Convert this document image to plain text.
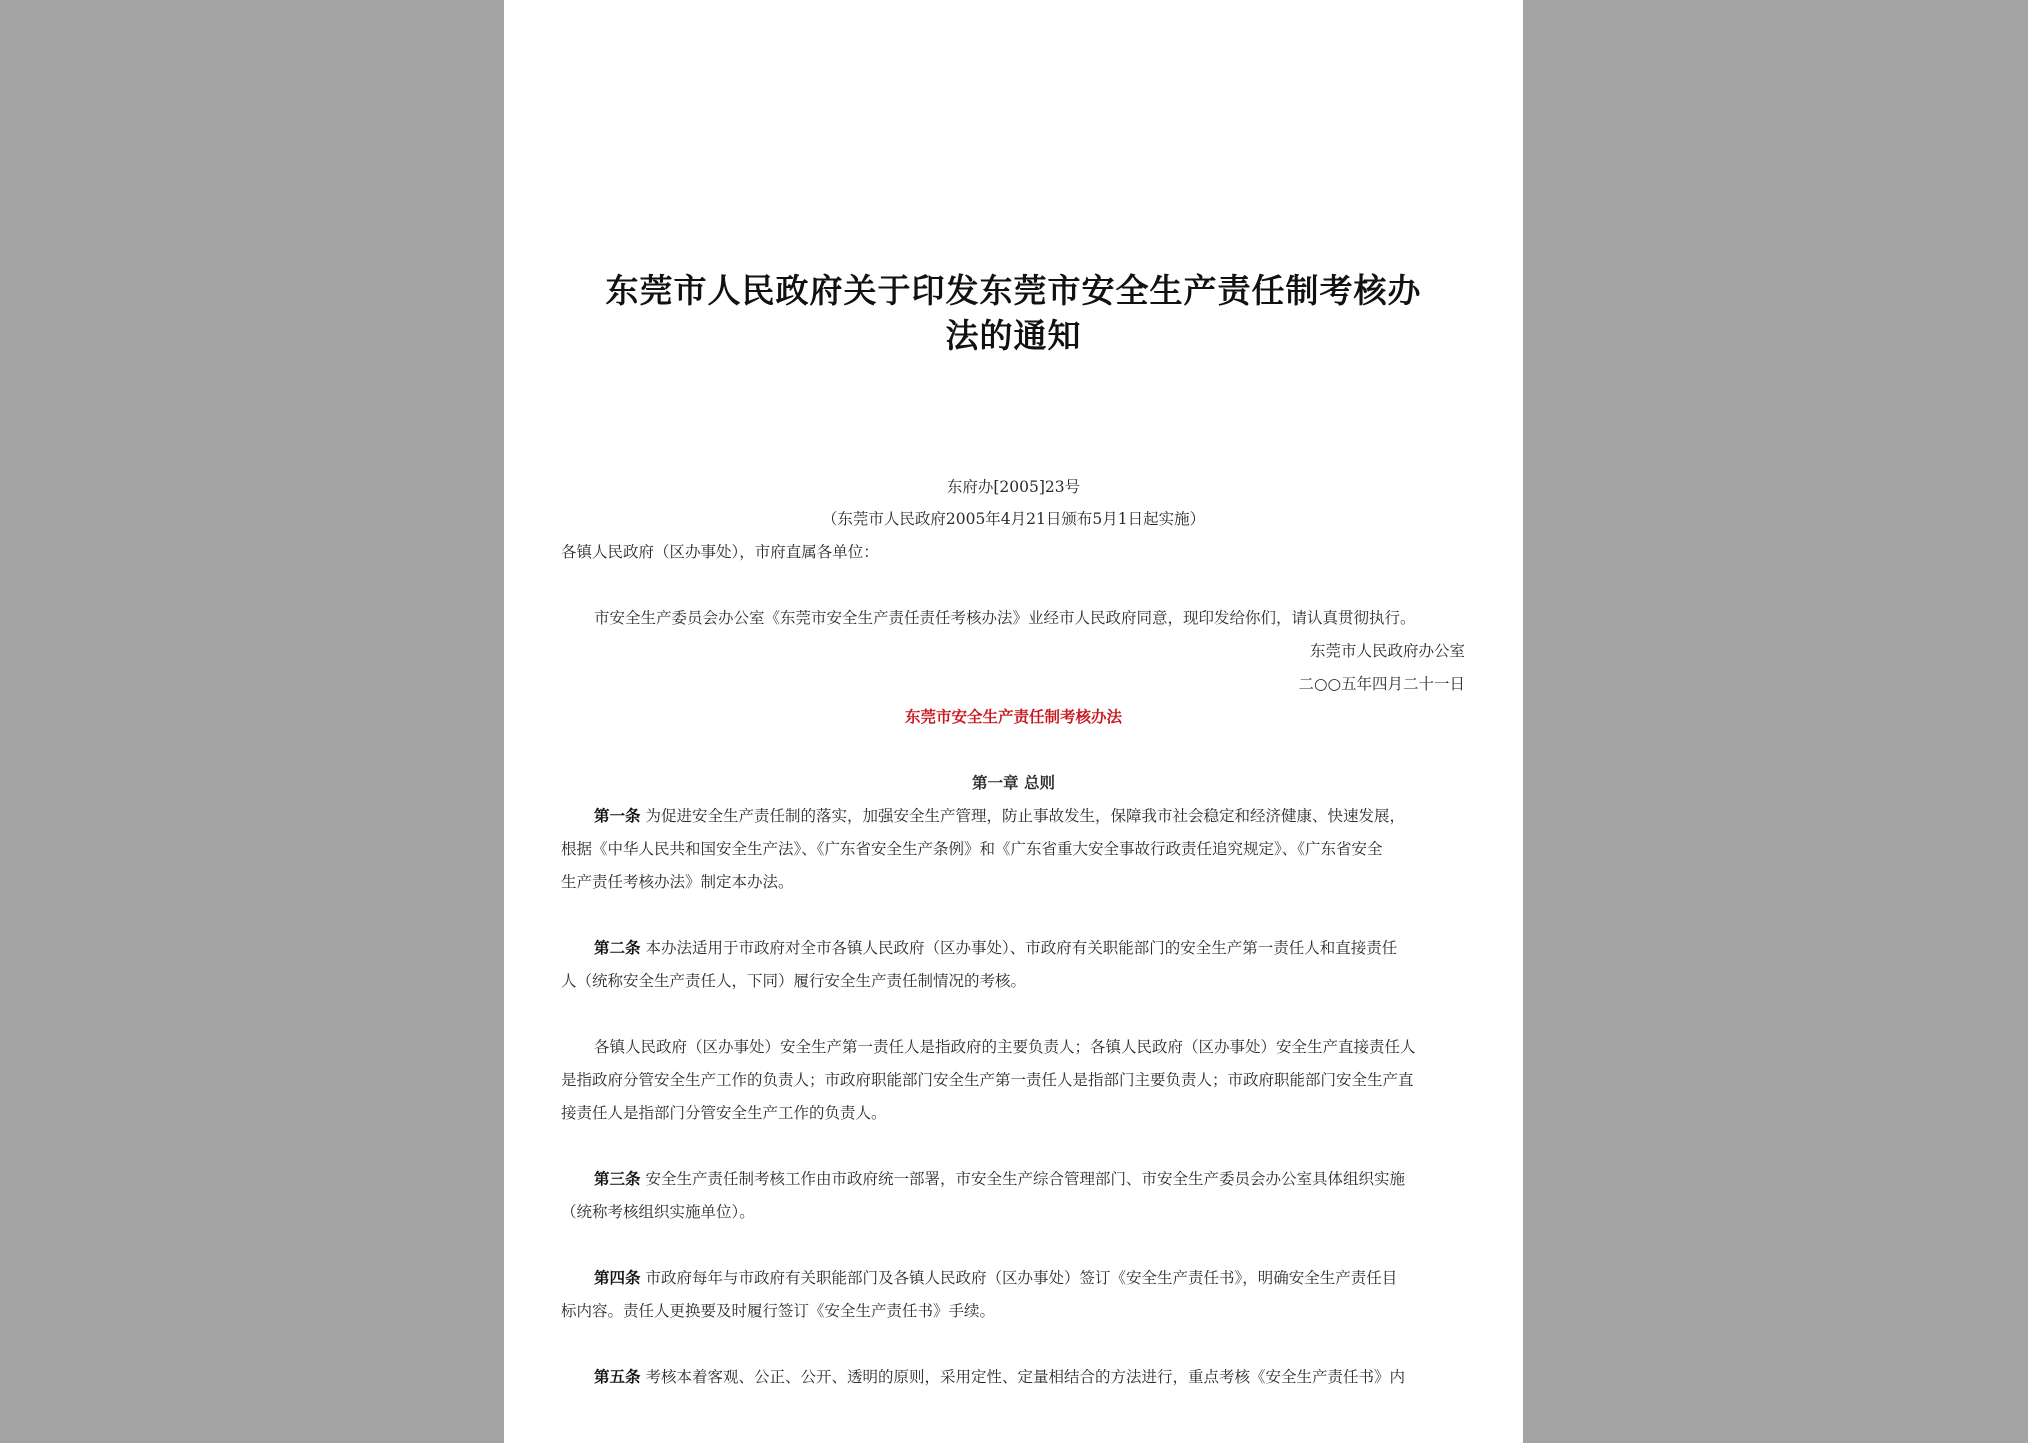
东莞市人民政府关于印发东莞市安全生产责任制考核办
法的通知
东府办[2005]23号
（东莞市人民政府2005年4月21日颁布5月1日起实施）
各镇人民政府（区办事处），市府直属各单位：
市安全生产委员会办公室《东莞市安全生产责任责任考核办法》业经市人民政府同意，现印发给你们，请认真贯彻执行。
东莞市人民政府办公室
二○○五年四月二十一日
东莞市安全生产责任制考核办法
第一章 总则
第一条 为促进安全生产责任制的落实，加强安全生产管理，防止事故发生，保障我市社会稳定和经济健康、快速发展，
根据《中华人民共和国安全生产法》、《广东省安全生产条例》和《广东省重大安全事故行政责任追究规定》、《广东省安全
生产责任考核办法》制定本办法。
第二条 本办法适用于市政府对全市各镇人民政府（区办事处）、市政府有关职能部门的安全生产第一责任人和直接责任
人（统称安全生产责任人，下同）履行安全生产责任制情况的考核。
各镇人民政府（区办事处）安全生产第一责任人是指政府的主要负责人；各镇人民政府（区办事处）安全生产直接责任人
是指政府分管安全生产工作的负责人；市政府职能部门安全生产第一责任人是指部门主要负责人；市政府职能部门安全生产直
接责任人是指部门分管安全生产工作的负责人。
第三条 安全生产责任制考核工作由市政府统一部署，市安全生产综合管理部门、市安全生产委员会办公室具体组织实施
（统称考核组织实施单位）。
第四条 市政府每年与市政府有关职能部门及各镇人民政府（区办事处）签订《安全生产责任书》，明确安全生产责任目
标内容。责任人更换要及时履行签订《安全生产责任书》手续。
第五条 考核本着客观、公正、公开、透明的原则，采用定性、定量相结合的方法进行，重点考核《安全生产责任书》内
